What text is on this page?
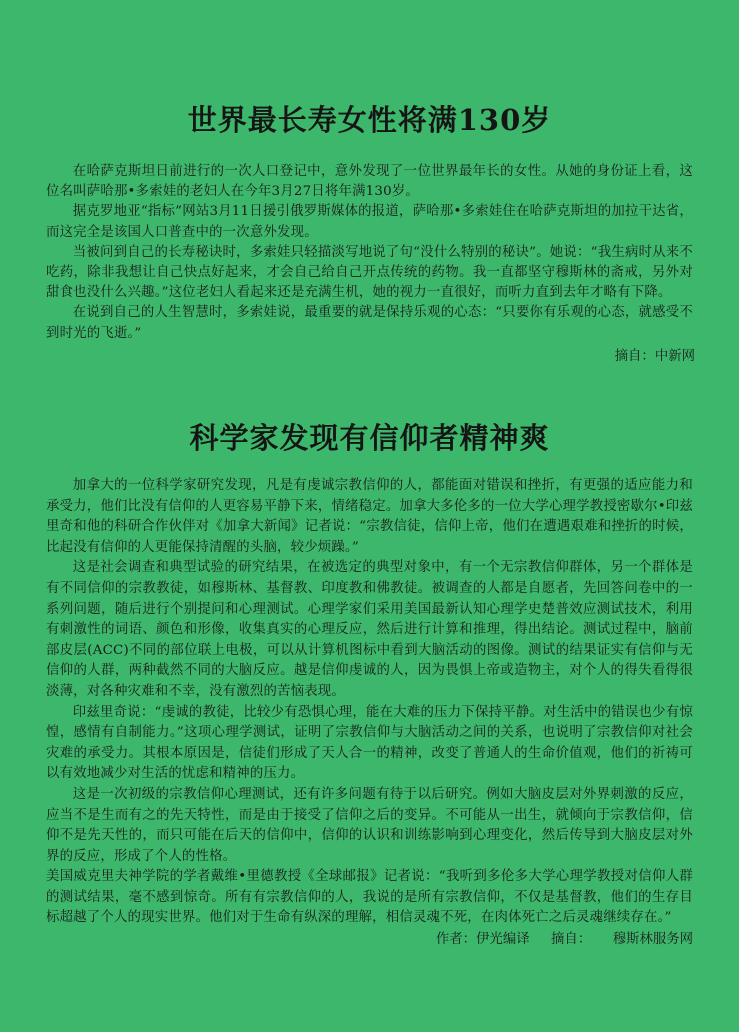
世界最长寿女性将满130岁

在哈萨克斯坦日前进行的一次人口登记中，意外发现了一位世界最年长的女性。从她的身份证上看，这位名叫萨哈那•多索娃的老妇人在今年3月27日将年满130岁。

据克罗地亚“指标”网站3月11日援引俄罗斯媒体的报道，萨哈那•多索娃住在哈萨克斯坦的加拉干达省，而这完全是该国人口普查中的一次意外发现。

当被问到自己的长寿秘诀时，多索娃只轻描淡写地说了句“没什么特别的秘诀”。她说：“我生病时从来不吃药，除非我想让自己快点好起来，才会自己给自己开点传统的药物。我一直都坚守穆斯林的斋戒，另外对甜食也没什么兴趣。”这位老妇人看起来还是充满生机，她的视力一直很好，而听力直到去年才略有下降。

在说到自己的人生智慧时，多索娃说，最重要的就是保持乐观的心态：“只要你有乐观的心态，就感受不到时光的飞逝。”

摘自：中新网
科学家发现有信仰者精神爽

加拿大的一位科学家研究发现，凡是有虔诚宗教信仰的人，都能面对错误和挫折，有更强的适应能力和承受力，他们比没有信仰的人更容易平静下来，情绪稳定。加拿大多伦多的一位大学心理学教授密歇尔•印兹里奇和他的科研合作伙伴对《加拿大新闻》记者说：“宗教信徒，信仰上帝，他们在遭遇艰难和挫折的时候，比起没有信仰的人更能保持清醒的头脑，较少烦躁。”

这是社会调查和典型试验的研究结果，在被选定的典型对象中，有一个无宗教信仰群体，另一个群体是有不同信仰的宗教教徒，如穆斯林、基督教、印度教和佛教徒。被调查的人都是自愿者，先回答问卷中的一系列问题，随后进行个别提问和心理测试。心理学家们采用美国最新认知心理学史楚普效应测试技术，利用有刺激性的词语、颜色和形像，收集真实的心理反应，然后进行计算和推理，得出结论。测试过程中，脑前部皮层(ACC)不同的部位联上电极，可以从计算机图标中看到大脑活动的图像。测试的结果证实有信仰与无信仰的人群，两种截然不同的大脑反应。越是信仰虔诚的人，因为畏惧上帝或造物主，对个人的得失看得很淡薄，对各种灾难和不幸，没有激烈的苦恼表现。

印兹里奇说：“虔诚的教徒，比较少有恐惧心理，能在大难的压力下保持平静。对生活中的错误也少有惊惶，感情有自制能力。”这项心理学测试，证明了宗教信仰与大脑活动之间的关系，也说明了宗教信仰对社会灾难的承受力。其根本原因是，信徒们形成了天人合一的精神，改变了普通人的生命价值观，他们的祈祷可以有效地减少对生活的忧虑和精神的压力。

这是一次初级的宗教信仰心理测试，还有许多问题有待于以后研究。例如大脑皮层对外界刺激的反应，应当不是生而有之的先天特性，而是由于接受了信仰之后的变异。不可能从一出生，就倾向于宗教信仰，信仰不是先天性的，而只可能在后天的信仰中，信仰的认识和训练影响到心理变化，然后传导到大脑皮层对外界的反应，形成了个人的性格。

美国威克里夫神学院的学者戴维•里德教授《全球邮报》记者说：“我听到多伦多大学心理学教授对信仰人群的测试结果，毫不感到惊奇。所有有宗教信仰的人，我说的是所有宗教信仰，不仅是基督教，他们的生存目标超越了个人的现实世界。他们对于生命有纵深的理解，相信灵魂不死，在肉体死亡之后灵魂继续存在。”

作者：伊光编译 摘自： 穆斯林服务网
